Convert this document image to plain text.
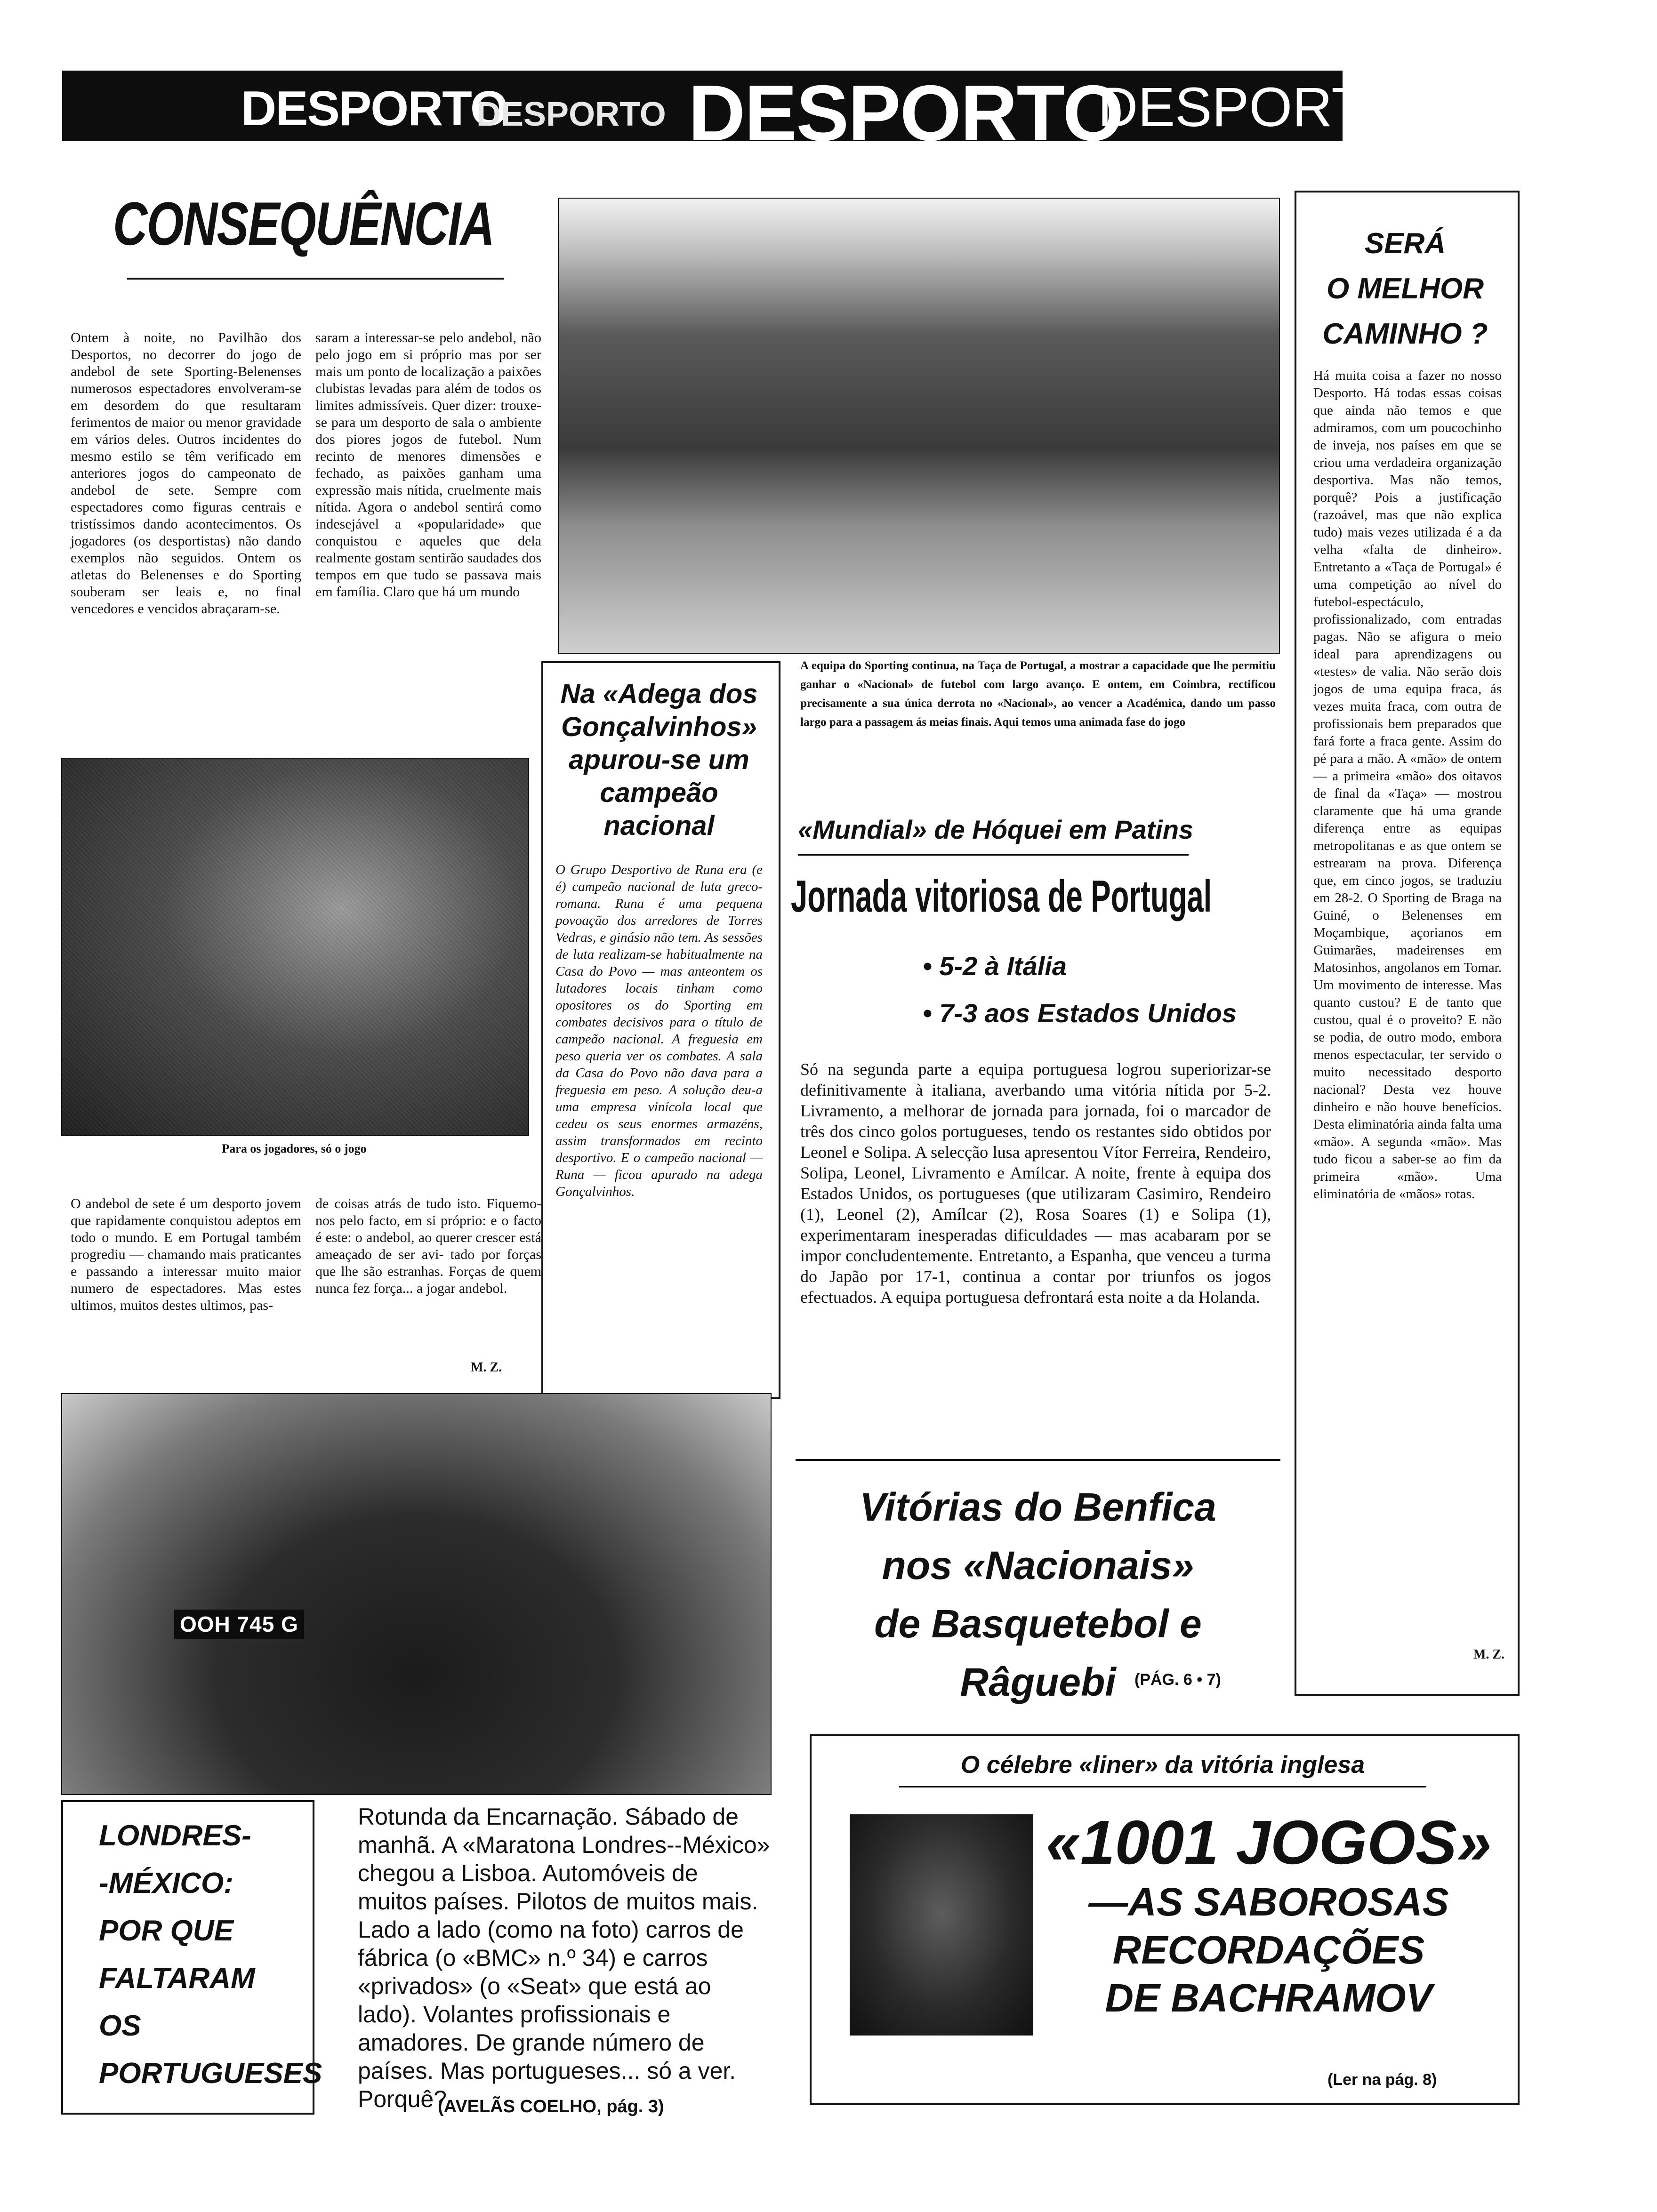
DESPORTO
DESPORTO DESPORTO
DESPORTO
CONSEQUÊNCIA

Ontem à noite, no Pavilhão dos Desportos, no decorrer do jogo de andebol de sete Sporting-Belenenses numerosos espectadores envolveram-se em desordem do que resultaram ferimentos de maior ou menor gravidade em vários deles. Outros incidentes do mesmo estilo se têm verificado em anteriores jogos do campeonato de andebol de sete. Sempre com espectadores como figuras centrais e tristíssimos dando acontecimentos. Os jogadores (os desportistas) não dando exemplos não seguidos. Ontem os atletas do Belenenses e do Sporting souberam ser leais e, no final vencedores e vencidos abraçaram-se.

saram a interessar-se pelo andebol, não pelo jogo em si próprio mas por ser mais um ponto de localização a paixões clubistas levadas para além de todos os limites admissíveis. Quer dizer: trouxe-se para um desporto de sala o ambiente dos piores jogos de futebol. Num recinto de menores dimensões e fechado, as paixões ganham uma expressão mais nítida, cruelmente mais nítida. Agora o andebol sentirá como indesejável a «popularidade» que conquistou e aqueles que dela realmente gostam sentirão saudades dos tempos em que tudo se passava mais em família. Claro que há um mundo

Para os jogadores, só o jogo

O andebol de sete é um desporto jovem que rapidamente conquistou adeptos em todo o mundo. E em Portugal também progrediu — chamando mais praticantes e passando a interessar muito maior numero de espectadores. Mas estes ultimos, muitos destes ultimos, pas-

de coisas atrás de tudo isto. Fiquemo-nos pelo facto, em si próprio: e o facto é este: o andebol, ao querer crescer está ameaçado de ser avi- tado por forças que lhe são estranhas. Forças de quem nunca fez força... a jogar andebol.

M. Z.
A equipa do Sporting continua, na Taça de Portugal, a mostrar a capacidade que lhe permitiu ganhar o «Nacional» de futebol com largo avanço. E ontem, em Coimbra, rectificou precisamente a sua única derrota no «Nacional», ao vencer a Académica, dando um passo largo para a passagem ás meias finais. Aqui temos uma animada fase do jogo
Na «Adega dos Gonçalvinhos» apurou-se um campeão nacional
O Grupo Desportivo de Runa era (e é) campeão nacional de luta greco-romana. Runa é uma pequena povoação dos arredores de Torres Vedras, e ginásio não tem. As sessões de luta realizam-se habitualmente na Casa do Povo — mas anteontem os lutadores locais tinham como opositores os do Sporting em combates decisivos para o título de campeão nacional. A freguesia em peso queria ver os combates. A sala da Casa do Povo não dava para a freguesia em peso. A solução deu-a uma empresa vinícola local que cedeu os seus enormes armazéns, assim transformados em recinto desportivo. E o campeão nacional — Runa — ficou apurado na adega Gonçalvinhos.
«Mundial» de Hóquei em Patins
Jornada vitoriosa de Portugal
• 5-2 à Itália
• 7-3 aos Estados Unidos
Só na segunda parte a equipa portuguesa logrou superiorizar-se definitivamente à italiana, averbando uma vitória nítida por 5-2. Livramento, a melhorar de jornada para jornada, foi o marcador de três dos cinco golos portugueses, tendo os restantes sido obtidos por Leonel e Solipa. A selecção lusa apresentou Vítor Ferreira, Rendeiro, Solipa, Leonel, Livramento e Amílcar. A noite, frente à equipa dos Estados Unidos, os portugueses (que utilizaram Casimiro, Rendeiro (1), Leonel (2), Amílcar (2), Rosa Soares (1) e Solipa (1), experimentaram inesperadas dificuldades — mas acabaram por se impor concludentemente. Entretanto, a Espanha, que venceu a turma do Japão por 17-1, continua a contar por triunfos os jogos efectuados. A equipa portuguesa defrontará esta noite a da Holanda.
SERÁ
O MELHOR
CAMINHO ?
Há muita coisa a fazer no nosso Desporto. Há todas essas coisas que ainda não temos e que admiramos, com um poucochinho de inveja, nos países em que se criou uma verdadeira organização desportiva. Mas não temos, porquê? Pois a justificação (razoável, mas que não explica tudo) mais vezes utilizada é a da velha «falta de dinheiro». Entretanto a «Taça de Portugal» é uma competição ao nível do futebol-espectáculo, profissionalizado, com entradas pagas. Não se afigura o meio ideal para aprendizagens ou «testes» de valia. Não serão dois jogos de uma equipa fraca, ás vezes muita fraca, com outra de profissionais bem preparados que fará forte a fraca gente. Assim do pé para a mão. A «mão» de ontem — a primeira «mão» dos oitavos de final da «Taça» — mostrou claramente que há uma grande diferença entre as equipas metropolitanas e as que ontem se estrearam na prova. Diferença que, em cinco jogos, se traduziu em 28-2. O Sporting de Braga na Guiné, o Belenenses em Moçambique, açorianos em Guimarães, madeirenses em Matosinhos, angolanos em Tomar. Um movimento de interesse. Mas quanto custou? E de tanto que custou, qual é o proveito? E não se podia, de outro modo, embora menos espectacular, ter servido o muito necessitado desporto nacional? Desta vez houve dinheiro e não houve benefícios. Desta eliminatória ainda falta uma «mão». A segunda «mão». Mas tudo ficou a saber-se ao fim da primeira «mão». Uma eliminatória de «mãos» rotas.
M. Z.
Vitórias do Benfica
nos «Nacionais»
de Basquetebol e Râguebi	(PÁG. 6 • 7)
OOH 745 G
LONDRES-
-MÉXICO:
POR QUE
FALTARAM
OS
PORTUGUESES
Rotunda da Encarnação. Sábado de manhã. A «Maratona Londres--México» chegou a Lisboa. Automóveis de muitos países. Pilotos de muitos mais. Lado a lado (como na foto) carros de fábrica (o «BMC» n.º 34) e carros «privados» (o «Seat» que está ao lado). Volantes profissionais e amadores. De grande número de países. Mas portugueses... só a ver. Porquê?
(AVELÃS COELHO, pág. 3)
O célebre «liner» da vitória inglesa
«1001 JOGOS»
—AS SABOROSAS
RECORDAÇÕES
DE BACHRAMOV
(Ler na pág. 8)
